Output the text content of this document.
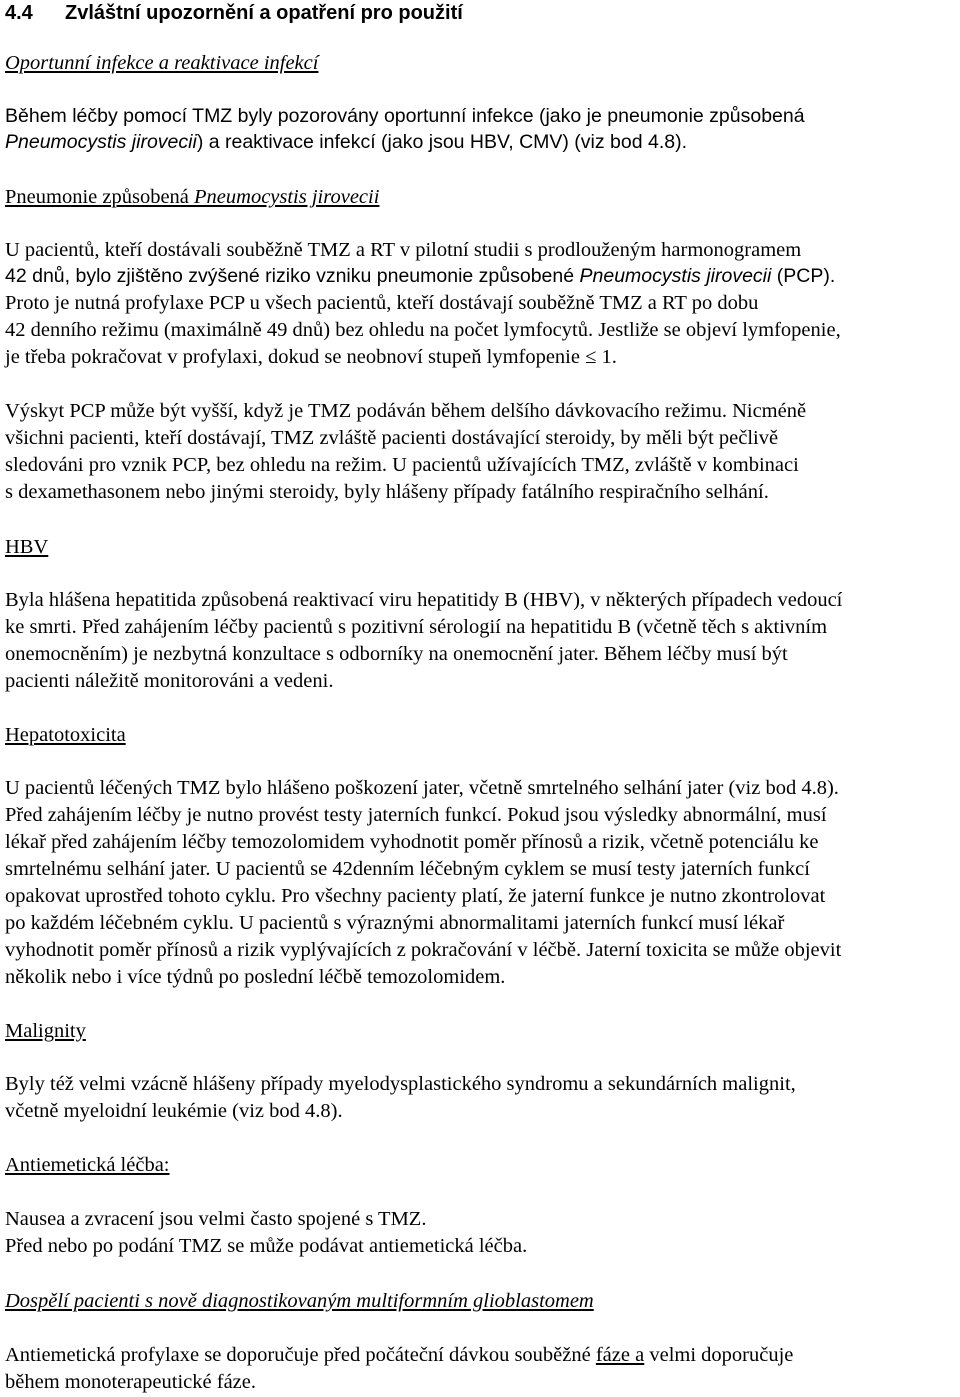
4.4 Zvláštní upozornění a opatření pro použití
Oportunní infekce a reaktivace infekcí
Během léčby pomocí TMZ byly pozorovány oportunní infekce (jako je pneumonie způsobená
Pneumocystis jirovecii) a reaktivace infekcí (jako jsou HBV, CMV) (viz bod 4.8).
Pneumonie způsobená Pneumocystis jirovecii
U pacientů, kteří dostávali souběžně TMZ a RT v pilotní studii s prodlouženým harmonogramem
42 dnů, bylo zjištěno zvýšené riziko vzniku pneumonie způsobené Pneumocystis jirovecii (PCP).
Proto je nutná profylaxe PCP u všech pacientů, kteří dostávají souběžně TMZ a RT po dobu
42 denního režimu (maximálně 49 dnů) bez ohledu na počet lymfocytů. Jestliže se objeví lymfopenie,
je třeba pokračovat v profylaxi, dokud se neobnoví stupeň lymfopenie ≤ 1.
Výskyt PCP může být vyšší, když je TMZ podáván během delšího dávkovacího režimu. Nicméně
všichni pacienti, kteří dostávají, TMZ zvláště pacienti dostávající steroidy, by měli být pečlivě
sledováni pro vznik PCP, bez ohledu na režim. U pacientů užívajících TMZ, zvláště v kombinaci
s dexamethasonem nebo jinými steroidy, byly hlášeny případy fatálního respiračního selhání.
HBV
Byla hlášena hepatitida způsobená reaktivací viru hepatitidy B (HBV), v některých případech vedoucí
ke smrti. Před zahájením léčby pacientů s pozitivní sérologií na hepatitidu B (včetně těch s aktivním
onemocněním) je nezbytná konzultace s odborníky na onemocnění jater. Během léčby musí být
pacienti náležitě monitorováni a vedeni.
Hepatotoxicita
U pacientů léčených TMZ bylo hlášeno poškození jater, včetně smrtelného selhání jater (viz bod 4.8).
Před zahájením léčby je nutno provést testy jaterních funkcí. Pokud jsou výsledky abnormální, musí
lékař před zahájením léčby temozolomidem vyhodnotit poměr přínosů a rizik, včetně potenciálu ke
smrtelnému selhání jater. U pacientů se 42denním léčebným cyklem se musí testy jaterních funkcí
opakovat uprostřed tohoto cyklu. Pro všechny pacienty platí, že jaterní funkce je nutno zkontrolovat
po každém léčebném cyklu. U pacientů s výraznými abnormalitami jaterních funkcí musí lékař
vyhodnotit poměr přínosů a rizik vyplývajících z pokračování v léčbě. Jaterní toxicita se může objevit
několik nebo i více týdnů po poslední léčbě temozolomidem.
Malignity
Byly též velmi vzácně hlášeny případy myelodysplastického syndromu a sekundárních malignit,
včetně myeloidní leukémie (viz bod 4.8).
Antiemetická léčba:
Nausea a zvracení jsou velmi často spojené s TMZ.
Před nebo po podání TMZ se může podávat antiemetická léčba.
Dospělí pacienti s nově diagnostikovaným multiformním glioblastomem
Antiemetická profylaxe se doporučuje před počáteční dávkou souběžné fáze a velmi doporučuje
během monoterapeutické fáze.
